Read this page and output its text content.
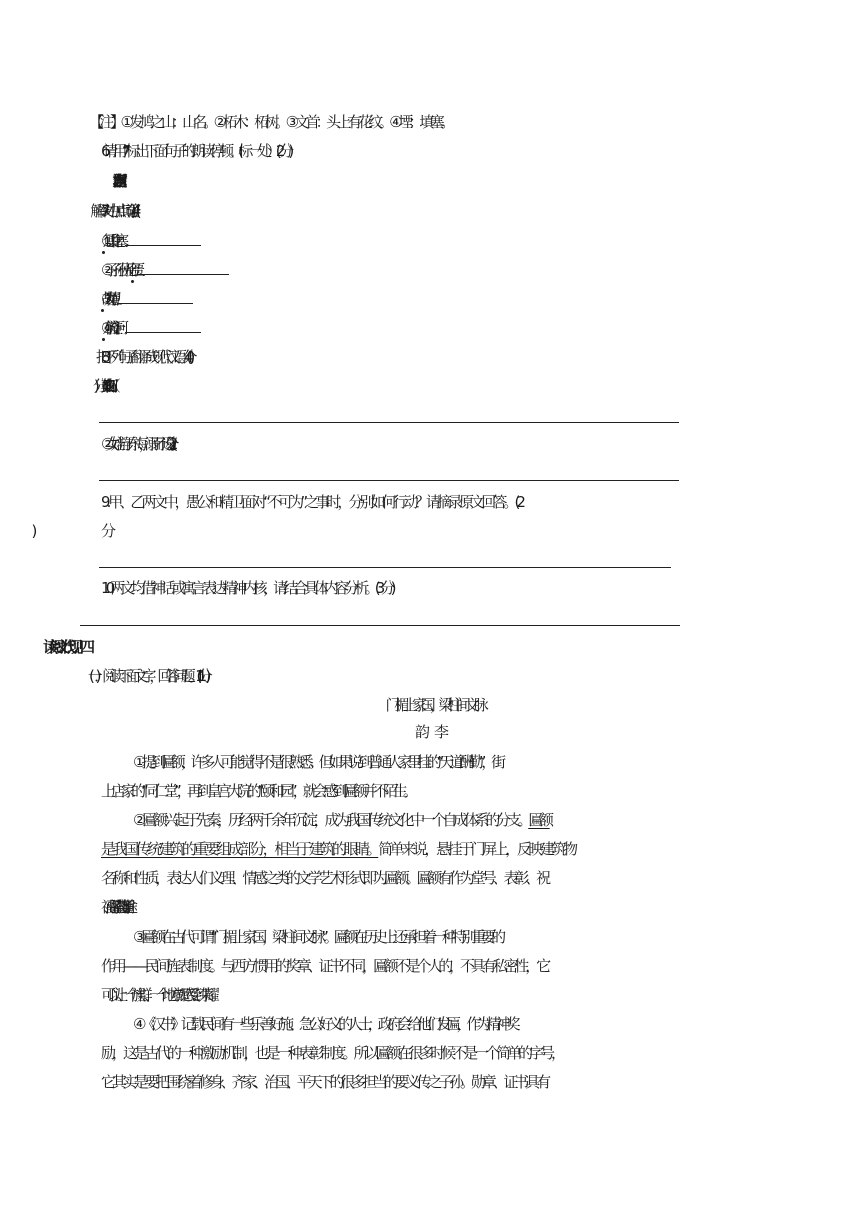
【注】①发鸠之山：山名。②柘木：柘树。③文首：头上有花纹。④堙：填塞。
6. 请用“/”标出下面句子的朗读停顿。(标一处）(2 分)
7. 解释文中加点词语。(4 分)
①惩山北之塞
②子子孙孙无穷匮
③故为精卫
④东流注于河
8. 把下列句子翻译成现代汉语。(4 分)
②女娃游于东海，溺而不返。(2 分)
9. 甲、乙两文中，愚公和精卫面对“不可为”之事时，分别如何行动？请摘录原文回答。(2
10. 两文均借神话或寓言表达精神内核，请结合具体内容分析。(3 分)
(一)．阅读下面文字，回答问题。(11 分)
门楣上家国，梁柱间文脉
①提到匾额，许多人可能觉得不是很熟悉。但如果说到普通人家里挂的“天道酬勤”，街
上店家的“同仁堂”，再到皇宫大院的“颐和园”，就会感到匾额并不陌生。
②匾额兴起于先秦，历经两千余年沉淀，成为我国传统文化中一个自成体系的分支。匾额
是我国传统建筑的重要组成部分，相当于建筑的眼睛。简单来说，悬挂于门屏上，反映建筑物
名称和性质，表达人们义理、情感之类的文学艺术形式即为匾额。匾额有作为堂号、表彰、祝
福、商号、室内装饰等用途。
③匾额在古代可谓“门楣上家国，梁柱间文脉”。匾额在历史上还承担着一种特别重要的
作用——民间旌表制度。与西方惯用的奖章、证书不同，匾额不是个人的，不具有私密性，它
可以让一个族群、一个地方都感受到荣耀。
④《汉书》记载民间有一些乐善好施、急公好义的人士，政府会给他们发匾，作为精神奖
励，这是古代的一种激励机制，也是一种表彰制度。所以匾额在很多时候不是一个简单的字号，
它其实是要把围绕着修身、齐家、治国、平天下的很多担当的要义传之子孙。勋章、证书具有
